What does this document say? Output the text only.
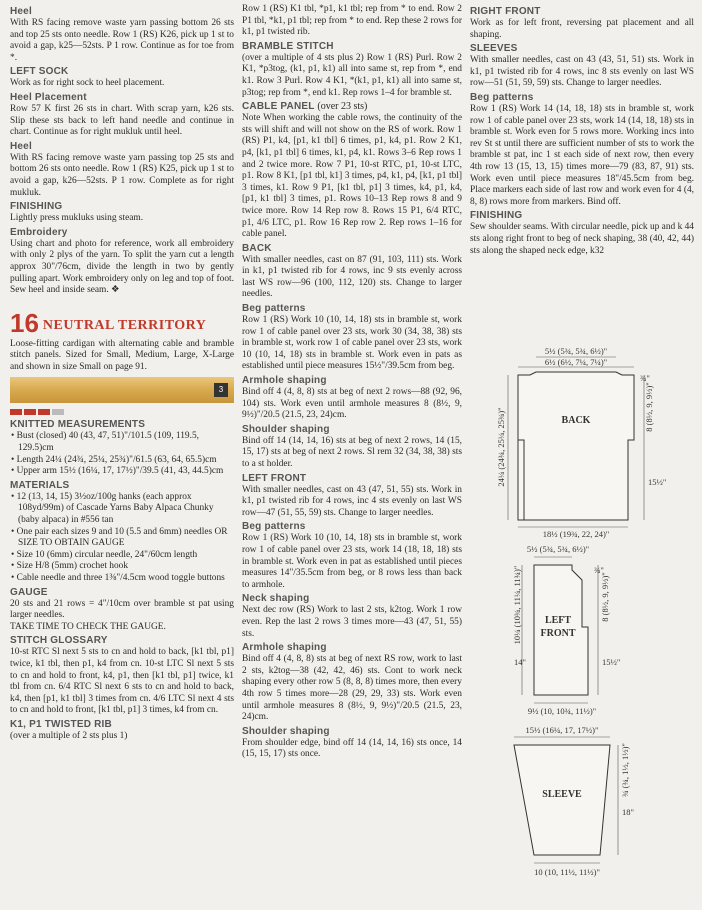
Heel

With RS facing remove waste yarn passing bottom 26 sts and top 25 sts onto needle. Row 1 (RS) K26, pick up 1 st to avoid a gap, k25—52sts. P 1 row. Continue as for toe from *.

LEFT SOCK

Work as for right sock to heel placement.

Heel Placement

Row 57 K first 26 sts in chart. With scrap yarn, k26 sts. Slip these sts back to left hand needle and continue in chart. Continue as for right mukluk until heel.

Heel

With RS facing remove waste yarn passing top 25 sts and bottom 26 sts onto needle. Row 1 (RS) K25, pick up 1 st to avoid a gap, k26—52sts. P 1 row. Complete as for right mukluk.

FINISHING

Lightly press mukluks using steam.

Embroidery

Using chart and photo for reference, work all embroidery with only 2 plys of the yarn. To split the yarn cut a length approx 30"/76cm, divide the length in two by gently pulling apart. Work embroidery only on leg and top of foot. Sew heel and inside seam. ❖

16 NEUTRAL TERRITORY

Loose-fitting cardigan with alternating cable and bramble stitch panels. Sized for Small, Medium, Large, X-Large and shown in size Small on page 91.

3
KNITTED MEASUREMENTS

• Bust (closed) 40 (43, 47, 51)"/101.5 (109, 119.5, 129.5)cm

• Length 24¼ (24¾, 25¼, 25¾)"/61.5 (63, 64, 65.5)cm

• Upper arm 15½ (16¼, 17, 17½)"/39.5 (41, 43, 44.5)cm

MATERIALS

• 12 (13, 14, 15) 3½oz/100g hanks (each approx 108yd/99m) of Cascade Yarns Baby Alpaca Chunky (baby alpaca) in #556 tan

• One pair each sizes 9 and 10 (5.5 and 6mm) needles OR SIZE TO OBTAIN GAUGE

• Size 10 (6mm) circular needle, 24"/60cm length

• Size H/8 (5mm) crochet hook

• Cable needle and three 1⅜"/4.5cm wood toggle buttons

GAUGE

20 sts and 21 rows = 4"/10cm over bramble st pat using larger needles.

TAKE TIME TO CHECK THE GAUGE.

STITCH GLOSSARY

10-st RTC Sl next 5 sts to cn and hold to back, [k1 tbl, p1] twice, k1 tbl, then p1, k4 from cn. 10-st LTC Sl next 5 sts to cn and hold to front, k4, p1, then [k1 tbl, p1] twice, k1 tbl from cn. 6/4 RTC Sl next 6 sts to cn and hold to back, k4, then [p1, k1 tbl] 3 times from cn. 4/6 LTC Sl next 4 sts to cn and hold to front, [k1 tbl, p1] 3 times, k4 from cn.

K1, P1 TWISTED RIB

(over a multiple of 2 sts plus 1)

Row 1 (RS) K1 tbl, *p1, k1 tbl; rep from * to end. Row 2 P1 tbl, *k1, p1 tbl; rep from * to end. Rep these 2 rows for k1, p1 twisted rib.

BRAMBLE STITCH

(over a multiple of 4 sts plus 2) Row 1 (RS) Purl. Row 2 K1, *p3tog, (k1, p1, k1) all into same st, rep from *, end k1. Row 3 Purl. Row 4 K1, *(k1, p1, k1) all into same st, p3tog; rep from *, end k1. Rep rows 1–4 for bramble st.

CABLE PANEL (over 23 sts)

Note When working the cable rows, the continuity of the sts will shift and will not show on the RS of work. Row 1 (RS) P1, k4, [p1, k1 tbl] 6 times, p1, k4, p1. Row 2 K1, p4, [k1, p1 tbl] 6 times, k1, p4, k1. Rows 3–6 Rep rows 1 and 2 twice more. Row 7 P1, 10-st RTC, p1, 10-st LTC, p1. Row 8 K1, [p1 tbl, k1] 3 times, p4, k1, p4, [k1, p1 tbl] 3 times, k1. Row 9 P1, [k1 tbl, p1] 3 times, k4, p1, k4, [p1, k1 tbl] 3 times, p1. Rows 10–13 Rep rows 8 and 9 twice more. Row 14 Rep row 8. Rows 15 P1, 6/4 RTC, p1, 4/6 LTC, p1. Row 16 Rep row 2. Rep rows 1–16 for cable panel.

BACK

With smaller needles, cast on 87 (91, 103, 111) sts. Work in k1, p1 twisted rib for 4 rows, inc 9 sts evenly across last WS row—96 (100, 112, 120) sts. Change to larger needles.

Beg patterns

Row 1 (RS) Work 10 (10, 14, 18) sts in bramble st, work row 1 of cable panel over 23 sts, work 30 (34, 38, 38) sts in bramble st, work row 1 of cable panel over 23 sts, work 10 (10, 14, 18) sts in bramble st. Work even in pats as established until piece measures 15½"/39.5cm from beg.

Armhole shaping

Bind off 4 (4, 8, 8) sts at beg of next 2 rows—88 (92, 96, 104) sts. Work even until armhole measures 8 (8½, 9, 9½)"/20.5 (21.5, 23, 24)cm.

Shoulder shaping

Bind off 14 (14, 14, 16) sts at beg of next 2 rows, 14 (15, 15, 17) sts at beg of next 2 rows. Sl rem 32 (34, 38, 38) sts to a st holder.

LEFT FRONT

With smaller needles, cast on 43 (47, 51, 55) sts. Work in k1, p1 twisted rib for 4 rows, inc 4 sts evenly on last WS row—47 (51, 55, 59) sts. Change to larger needles.

Beg patterns

Row 1 (RS) Work 10 (10, 14, 18) sts in bramble st, work row 1 of cable panel over 23 sts, work 14 (18, 18, 18) sts in bramble st. Work even in pat as established until pieces measures 14"/35.5cm from beg, or 8 rows less than back to armhole.

Neck shaping

Next dec row (RS) Work to last 2 sts, k2tog. Work 1 row even. Rep the last 2 rows 3 times more—43 (47, 51, 55) sts.

Armhole shaping

Bind off 4 (4, 8, 8) sts at beg of next RS row, work to last 2 sts, k2tog—38 (42, 42, 46) sts. Cont to work neck shaping every other row 5 (8, 8, 8) times more, then every 4th row 5 times more—28 (29, 29, 33) sts. Work even until armhole measures 8 (8½, 9, 9½)"/20.5 (21.5, 23, 24)cm.

Shoulder shaping

From shoulder edge, bind off 14 (14, 14, 16) sts once, 14 (15, 15, 17) sts once.

RIGHT FRONT

Work as for left front, reversing pat placement and all shaping.

SLEEVES

With smaller needles, cast on 43 (43, 51, 51) sts. Work in k1, p1 twisted rib for 4 rows, inc 8 sts evenly on last WS row—51 (51, 59, 59) sts. Change to larger needles.

Beg patterns

Row 1 (RS) Work 14 (14, 18, 18) sts in bramble st, work row 1 of cable panel over 23 sts, work 14 (14, 18, 18) sts in bramble st. Work even for 5 rows more. Working incs into rev St st until there are sufficient number of sts to work the bramble st pat, inc 1 st each side of next row, then every 4th row 13 (15, 13, 15) times more—79 (83, 87, 91) sts. Work even until piece measures 18"/45.5cm from beg. Place markers each side of last row and work even for 4 (4, 8, 8) rows more from markers. Bind off.

FINISHING

Sew shoulder seams. With circular needle, pick up and k 44 sts along right front to beg of neck shaping, 38 (40, 42, 44) sts along the shaped neck edge, k32

5½ (5¾, 5¾, 6½)"
6½ (6½, 7¼, 7¼)"
BACK
¾"
8 (8½, 9, 9½)"
15½"
24¼ (24¾, 25¼, 25¾)"
18½ (19¾, 22, 24)"
5½ (5¾, 5¾, 6½)"
LEFT
FRONT
¾"
8 (8½, 9, 9½)"
15½"
14"
10¼ (10¾, 11¼, 11¾)"
9½ (10, 10¾, 11½)"
15½ (16¼, 17, 17½)"
SLEEVE	¾ (¾, 1½, 1½)"
18"
10 (10, 11½, 11½)"
